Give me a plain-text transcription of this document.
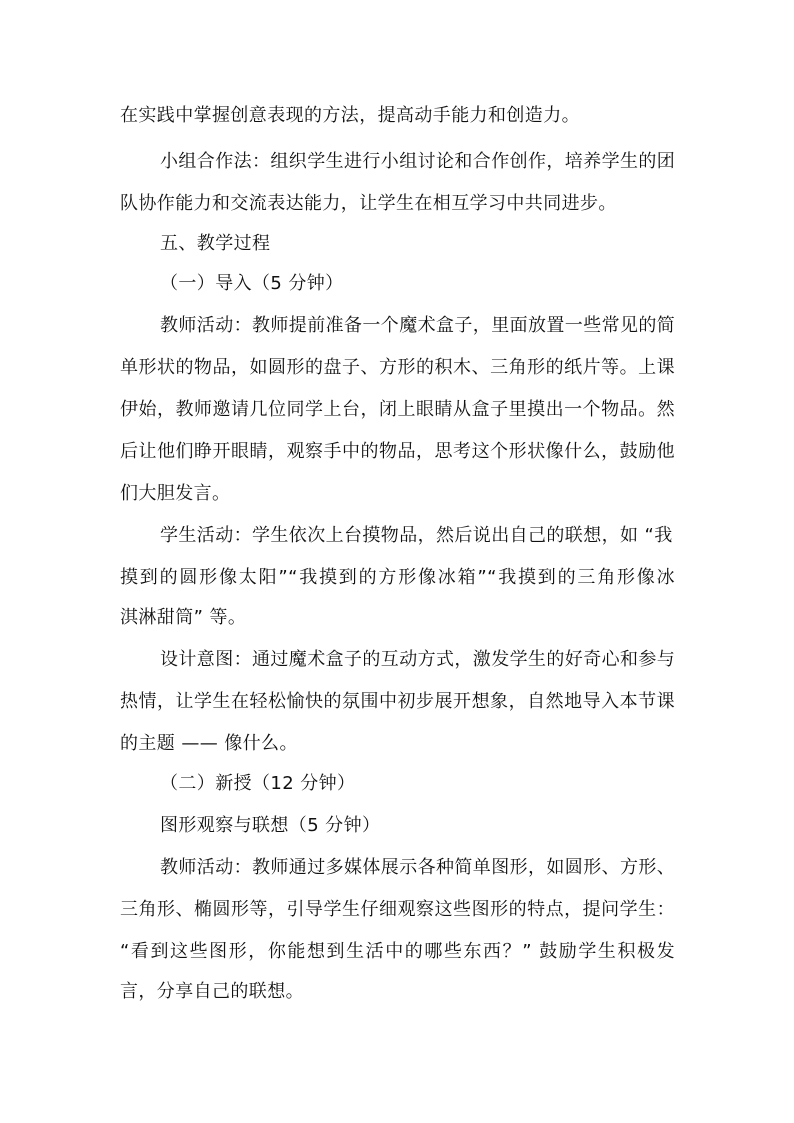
在实践中掌握创意表现的方法，提高动手能力和创造力。
小组合作法：组织学生进行小组讨论和合作创作，培养学生的团
队协作能力和交流表达能力，让学生在相互学习中共同进步。
五、教学过程
（一）导入（5 分钟）
教师活动：教师提前准备一个魔术盒子，里面放置一些常见的简
单形状的物品，如圆形的盘子、方形的积木、三角形的纸片等。上课
伊始，教师邀请几位同学上台，闭上眼睛从盒子里摸出一个物品。然
后让他们睁开眼睛，观察手中的物品，思考这个形状像什么，鼓励他
们大胆发言。
学生活动：学生依次上台摸物品，然后说出自己的联想，如 “我
摸到的圆形像太阳”“我摸到的方形像冰箱”“我摸到的三角形像冰
淇淋甜筒” 等。
设计意图：通过魔术盒子的互动方式，激发学生的好奇心和参与
热情，让学生在轻松愉快的氛围中初步展开想象，自然地导入本节课
的主题 —— 像什么。
（二）新授（12 分钟）
图形观察与联想（5 分钟）
教师活动：教师通过多媒体展示各种简单图形，如圆形、方形、
三角形、椭圆形等，引导学生仔细观察这些图形的特点，提问学生：
“看到这些图形，你能想到生活中的哪些东西？” 鼓励学生积极发
言，分享自己的联想。
